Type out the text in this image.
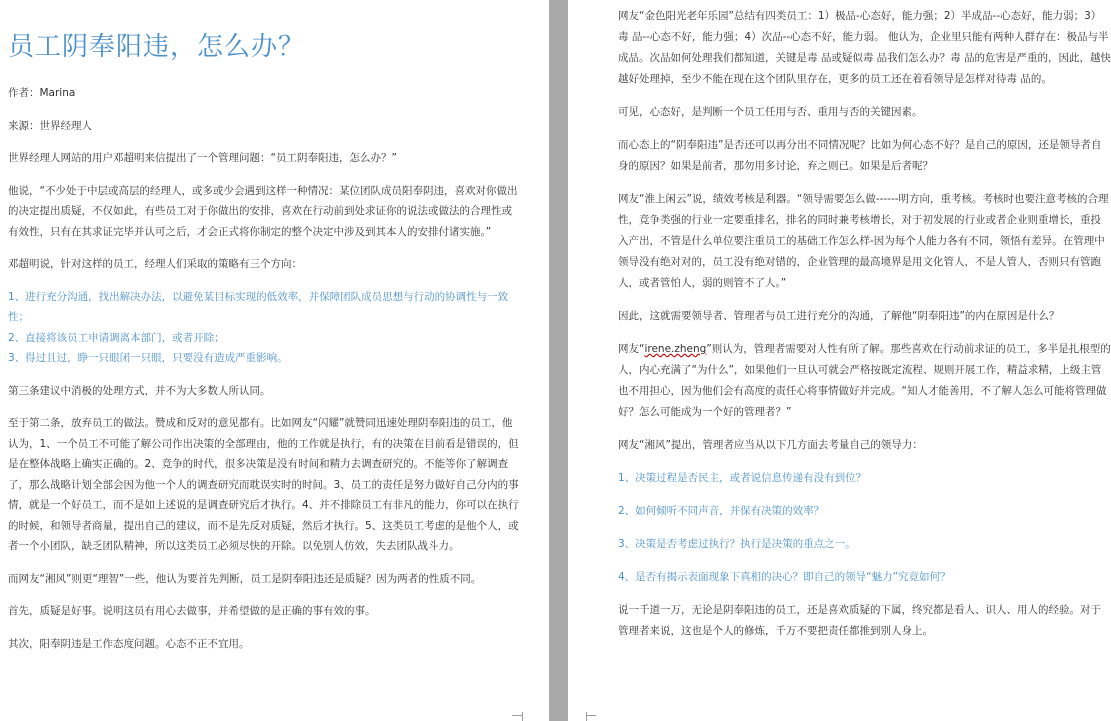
员工阴奉阳违，怎么办？

作者：Marina

来源：世界经理人

世界经理人网站的用户邓超明来信提出了一个管理问题：“员工阴奉阳违，怎么办？”

他说，“不少处于中层或高层的经理人，或多或少会遇到这样一种情况：某位团队成员阳奉阴违，喜欢对你做出的决定提出质疑，不仅如此，有些员工对于你做出的安排，喜欢在行动前到处求证你的说法或做法的合理性或有效性，只有在其求证完毕并认可之后，才会正式将你制定的整个决定中涉及到其本人的安排付诸实施。”

邓超明说，针对这样的员工，经理人们采取的策略有三个方向：

1、进行充分沟通，找出解决办法，以避免某目标实现的低效率，并保障团队成员思想与行动的协调性与一致性；

2、直接将该员工申请调离本部门，或者开除；

3、得过且过，睁一只眼闭一只眼，只要没有造成严重影响。

第三条建议中消极的处理方式，并不为大多数人所认同。

至于第二条，放弃员工的做法。赞成和反对的意见都有。比如网友“闪耀”就赞同迅速处理阴奉阳违的员工，他认为，1、一个员工不可能了解公司作出决策的全部理由，他的工作就是执行，有的决策在目前看是错误的，但是在整体战略上确实正确的。2、竞争的时代，很多决策是没有时间和精力去调查研究的。不能等你了解调查了，那么战略计划全部会因为他一个人的调查研究而耽误实时的时间。3、员工的责任是努力做好自己分内的事情，就是一个好员工，而不是如上述说的是调查研究后才执行。4、并不排除员工有非凡的能力，你可以在执行的时候，和领导者商量，提出自己的建议，而不是先反对质疑，然后才执行。5、这类员工考虑的是他个人，或者一个小团队，缺乏团队精神，所以这类员工必须尽快的开除。以免别人仿效，失去团队战斗力。

而网友“湘风”则更“理智”一些，他认为要首先判断，员工是阴奉阳违还是质疑？因为两者的性质不同。

首先，质疑是好事。说明这员有用心去做事，并希望做的是正确的事有效的事。

其次，阳奉阴违是工作态度问题。心态不正不宜用。

网友“金色阳光老年乐园”总结有四类员工：1）极品-心态好，能力强；2）半成品--心态好，能力弱；3）毒 品--心态不好，能力强；4）次品--心态不好，能力弱。 他认为，企业里只能有两种人群存在：极品与半成品。次品如何处理我们都知道，关键是毒 品或疑似毒 品我们怎么办？毒 品的危害是严重的，因此，越快越好处理掉，至少不能在现在这个团队里存在，更多的员工还在着看领导是怎样对待毒 品的。

可见，心态好，是判断一个员工任用与否、重用与否的关键因素。

而心态上的“阴奉阳违”是否还可以再分出不同情况呢？比如为何心态不好？是自己的原因，还是领导者自身的原因？如果是前者，那勿用多讨论，弃之则已。如果是后者呢？

网友“淮上闲云”说，绩效考核是利器。“领导需要怎么做------明方向，重考核。考核时也要注意考核的合理性，竞争类强的行业一定要重排名，排名的同时兼考核增长，对于初发展的行业或者企业则重增长，重投入产出，不管是什么单位要注重员工的基础工作怎么样-因为每个人能力各有不同，领悟有差异。在管理中领导没有绝对对的，员工没有绝对错的，企业管理的最高境界是用文化管人，不是人管人，否则只有管跑人，或者管怕人，弱的则管不了人。”

因此，这就需要领导者、管理者与员工进行充分的沟通，了解他“阴奉阳违”的内在原因是什么？

网友“irene.zheng”则认为，管理者需要对人性有所了解。那些喜欢在行动前求证的员工，多半是扎根型的人，内心充满了“为什么”，如果他们一旦认可就会严格按既定流程、规则开展工作，精益求精，上级主管也不用担心，因为他们会有高度的责任心将事情做好并完成。“知人才能善用，不了解人怎么可能将管理做好？怎么可能成为一个好的管理者？”

网友“湘风”提出，管理者应当从以下几方面去考量自己的领导力：

1、决策过程是否民主，或者说信息传递有没有到位？

2、如何倾听不同声音，并保有决策的效率？

3、决策是否考虑过执行？执行是决策的重点之一。

4、是否有揭示表面现象下真相的决心？即自己的领导“魅力”究竟如何？

说一千道一万，无论是阴奉阳违的员工，还是喜欢质疑的下属，终究都是看人、识人、用人的经验。对于管理者来说，这也是个人的修炼，千万不要把责任都推到别人身上。
